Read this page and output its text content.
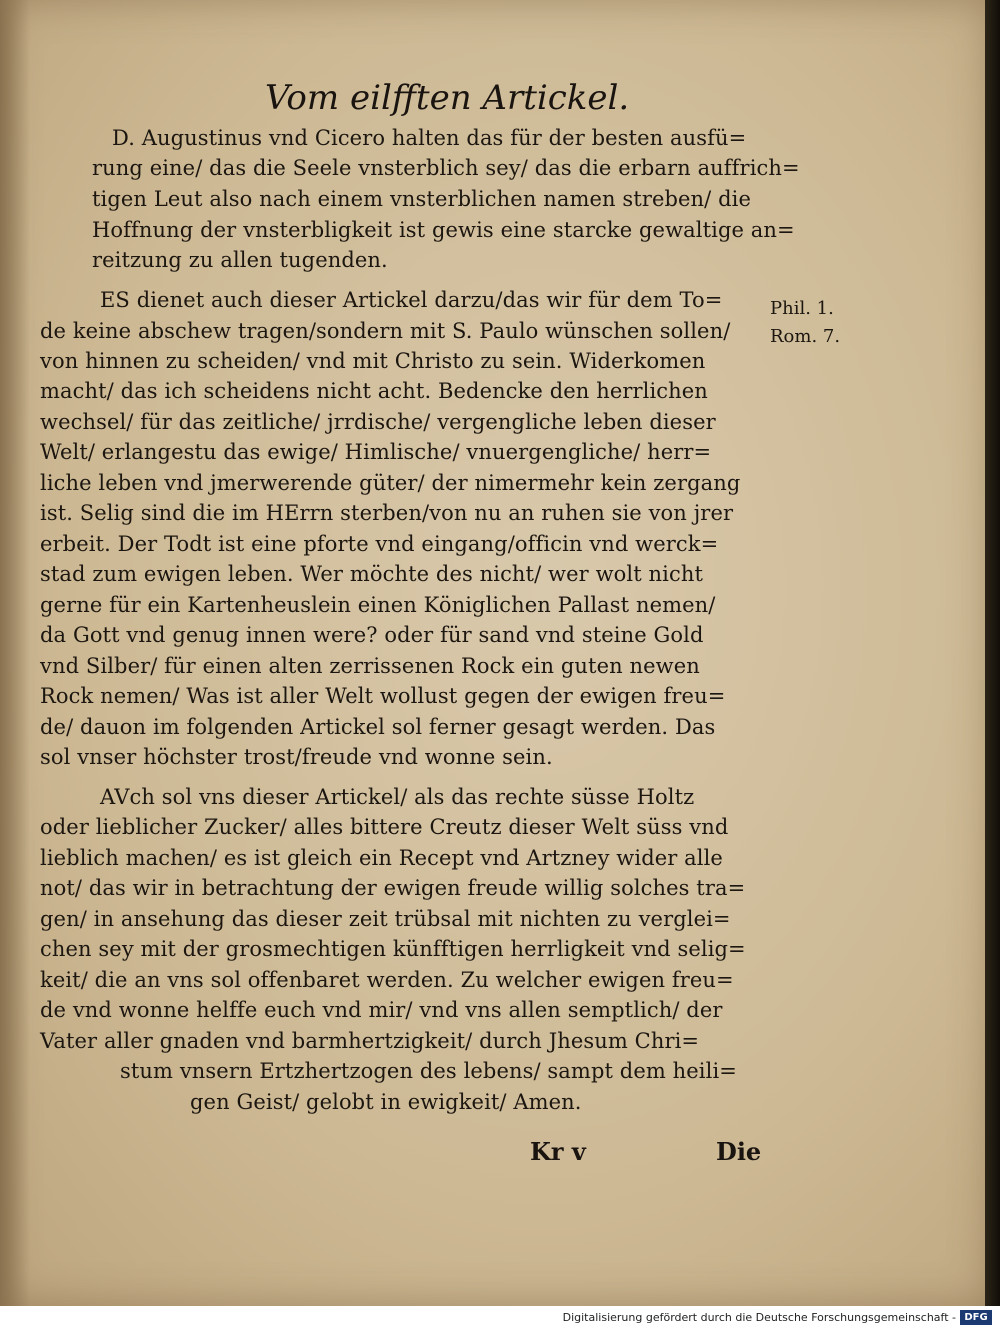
Vom eilfften Artickel.
D. Augustinus vnd Cicero halten das für der besten ausfü=
rung eine/ das die Seele vnsterblich sey/ das die erbarn auffrich=
tigen Leut also nach einem vnsterblichen namen streben/ die
Hoffnung der vnsterbligkeit ist gewis eine starcke gewaltige an=
reitzung zu allen tugenden.
ES dienet auch dieser Artickel darzu/das wir für dem To=
de keine abschew tragen/sondern mit S. Paulo wünschen sollen/
von hinnen zu scheiden/ vnd mit Christo zu sein. Widerkomen
macht/ das ich scheidens nicht acht. Bedencke den herrlichen
wechsel/ für das zeitliche/ jrrdische/ vergengliche leben dieser
Welt/ erlangestu das ewige/ Himlische/ vnuergengliche/ herr=
liche leben vnd jmerwerende güter/ der nimermehr kein zergang
ist. Selig sind die im HErrn sterben/von nu an ruhen sie von jrer
erbeit. Der Todt ist eine pforte vnd eingang/officin vnd werck=
stad zum ewigen leben. Wer möchte des nicht/ wer wolt nicht
gerne für ein Kartenheuslein einen Königlichen Pallast nemen/
da Gott vnd genug innen were? oder für sand vnd steine Gold
vnd Silber/ für einen alten zerrissenen Rock ein guten newen
Rock nemen/ Was ist aller Welt wollust gegen der ewigen freu=
de/ dauon im folgenden Artickel sol ferner gesagt werden. Das
sol vnser höchster trost/freude vnd wonne sein.
AVch sol vns dieser Artickel/ als das rechte süsse Holtz
oder lieblicher Zucker/ alles bittere Creutz dieser Welt süss vnd
lieblich machen/ es ist gleich ein Recept vnd Artzney wider alle
not/ das wir in betrachtung der ewigen freude willig solches tra=
gen/ in ansehung das dieser zeit trübsal mit nichten zu verglei=
chen sey mit der grosmechtigen künfftigen herrligkeit vnd selig=
keit/ die an vns sol offenbaret werden. Zu welcher ewigen freu=
de vnd wonne helffe euch vnd mir/ vnd vns allen semptlich/ der
Vater aller gnaden vnd barmhertzigkeit/ durch Jhesum Chri=
stum vnsern Ertzhertzogen des lebens/ sampt dem heili=
gen Geist/ gelobt in ewigkeit/ Amen.
Phil. 1.
Rom. 7.
Kr v	Die
Digitalisierung gefördert durch die Deutsche Forschungsgemeinschaft - DFG
